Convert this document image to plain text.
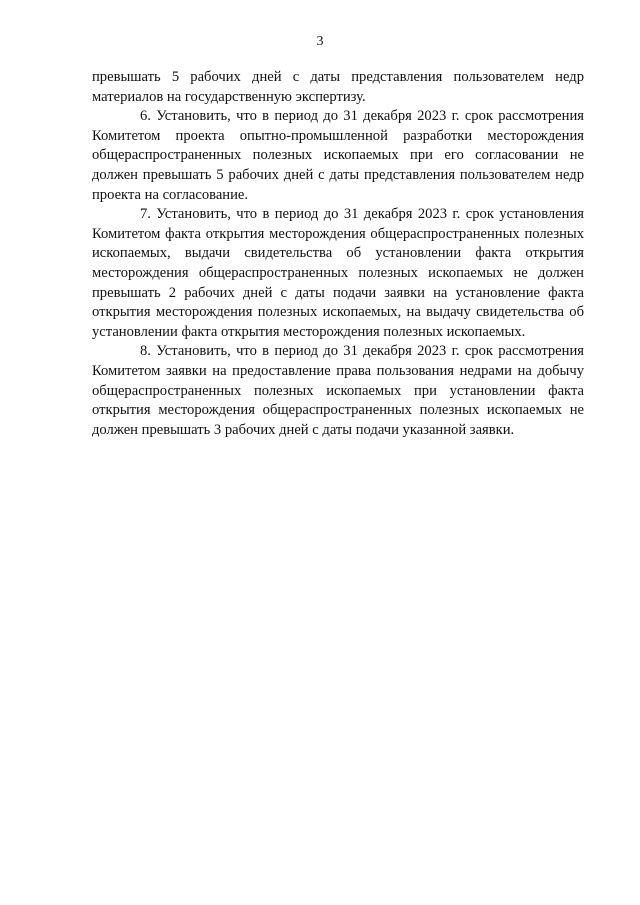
3

превышать 5 рабочих дней с даты представления пользователем недр материалов на государственную экспертизу.

6. Установить, что в период до 31 декабря 2023 г. срок рассмотрения Комитетом проекта опытно-промышленной разработки месторождения общераспространенных полезных ископаемых при его согласовании не должен превышать 5 рабочих дней с даты представления пользователем недр проекта на согласование.

7. Установить, что в период до 31 декабря 2023 г. срок установления Комитетом факта открытия месторождения общераспространенных полезных ископаемых, выдачи свидетельства об установлении факта открытия месторождения общераспространенных полезных ископаемых не должен превышать 2 рабочих дней с даты подачи заявки на установление факта открытия месторождения полезных ископаемых, на выдачу свидетельства об установлении факта открытия месторождения полезных ископаемых.

8. Установить, что в период до 31 декабря 2023 г. срок рассмотрения Комитетом заявки на предоставление права пользования недрами на добычу общераспространенных полезных ископаемых при установлении факта открытия месторождения общераспространенных полезных ископаемых не должен превышать 3 рабочих дней с даты подачи указанной заявки.
